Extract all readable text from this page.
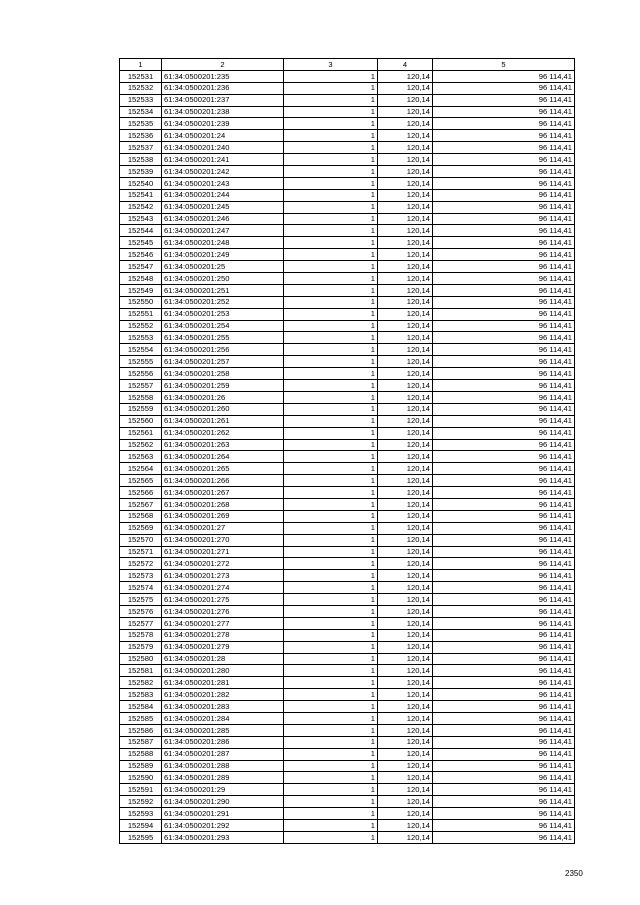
1	2	3	4	5
152531	61:34:0500201:235	1	120,14	96 114,41
152532	61:34:0500201:236	1	120,14	96 114,41
152533	61:34:0500201:237	1	120,14	96 114,41
152534	61:34:0500201:238	1	120,14	96 114,41
152535	61:34:0500201:239	1	120,14	96 114,41
152536	61:34:0500201:24	1	120,14	96 114,41
152537	61:34:0500201:240	1	120,14	96 114,41
152538	61:34:0500201:241	1	120,14	96 114,41
152539	61:34:0500201:242	1	120,14	96 114,41
152540	61:34:0500201:243	1	120,14	96 114,41
152541	61:34:0500201:244	1	120,14	96 114,41
152542	61:34:0500201:245	1	120,14	96 114,41
152543	61:34:0500201:246	1	120,14	96 114,41
152544	61:34:0500201:247	1	120,14	96 114,41
152545	61:34:0500201:248	1	120,14	96 114,41
152546	61:34:0500201:249	1	120,14	96 114,41
152547	61:34:0500201:25	1	120,14	96 114,41
152548	61:34:0500201:250	1	120,14	96 114,41
152549	61:34:0500201:251	1	120,14	96 114,41
152550	61:34:0500201:252	1	120,14	96 114,41
152551	61:34:0500201:253	1	120,14	96 114,41
152552	61:34:0500201:254	1	120,14	96 114,41
152553	61:34:0500201:255	1	120,14	96 114,41
152554	61:34:0500201:256	1	120,14	96 114,41
152555	61:34:0500201:257	1	120,14	96 114,41
152556	61:34:0500201:258	1	120,14	96 114,41
152557	61:34:0500201:259	1	120,14	96 114,41
152558	61:34:0500201:26	1	120,14	96 114,41
152559	61:34:0500201:260	1	120,14	96 114,41
152560	61:34:0500201:261	1	120,14	96 114,41
152561	61:34:0500201:262	1	120,14	96 114,41
152562	61:34:0500201:263	1	120,14	96 114,41
152563	61:34:0500201:264	1	120,14	96 114,41
152564	61:34:0500201:265	1	120,14	96 114,41
152565	61:34:0500201:266	1	120,14	96 114,41
152566	61:34:0500201:267	1	120,14	96 114,41
152567	61:34:0500201:268	1	120,14	96 114,41
152568	61:34:0500201:269	1	120,14	96 114,41
152569	61:34:0500201:27	1	120,14	96 114,41
152570	61:34:0500201:270	1	120,14	96 114,41
152571	61:34:0500201:271	1	120,14	96 114,41
152572	61:34:0500201:272	1	120,14	96 114,41
152573	61:34:0500201:273	1	120,14	96 114,41
152574	61:34:0500201:274	1	120,14	96 114,41
152575	61:34:0500201:275	1	120,14	96 114,41
152576	61:34:0500201:276	1	120,14	96 114,41
152577	61:34:0500201:277	1	120,14	96 114,41
152578	61:34:0500201:278	1	120,14	96 114,41
152579	61:34:0500201:279	1	120,14	96 114,41
152580	61:34:0500201:28	1	120,14	96 114,41
152581	61:34:0500201:280	1	120,14	96 114,41
152582	61:34:0500201:281	1	120,14	96 114,41
152583	61:34:0500201:282	1	120,14	96 114,41
152584	61:34:0500201:283	1	120,14	96 114,41
152585	61:34:0500201:284	1	120,14	96 114,41
152586	61:34:0500201:285	1	120,14	96 114,41
152587	61:34:0500201:286	1	120,14	96 114,41
152588	61:34:0500201:287	1	120,14	96 114,41
152589	61:34:0500201:288	1	120,14	96 114,41
152590	61:34:0500201:289	1	120,14	96 114,41
152591	61:34:0500201:29	1	120,14	96 114,41
152592	61:34:0500201:290	1	120,14	96 114,41
152593	61:34:0500201:291	1	120,14	96 114,41
152594	61:34:0500201:292	1	120,14	96 114,41
152595	61:34:0500201:293	1	120,14	96 114,41
2350
